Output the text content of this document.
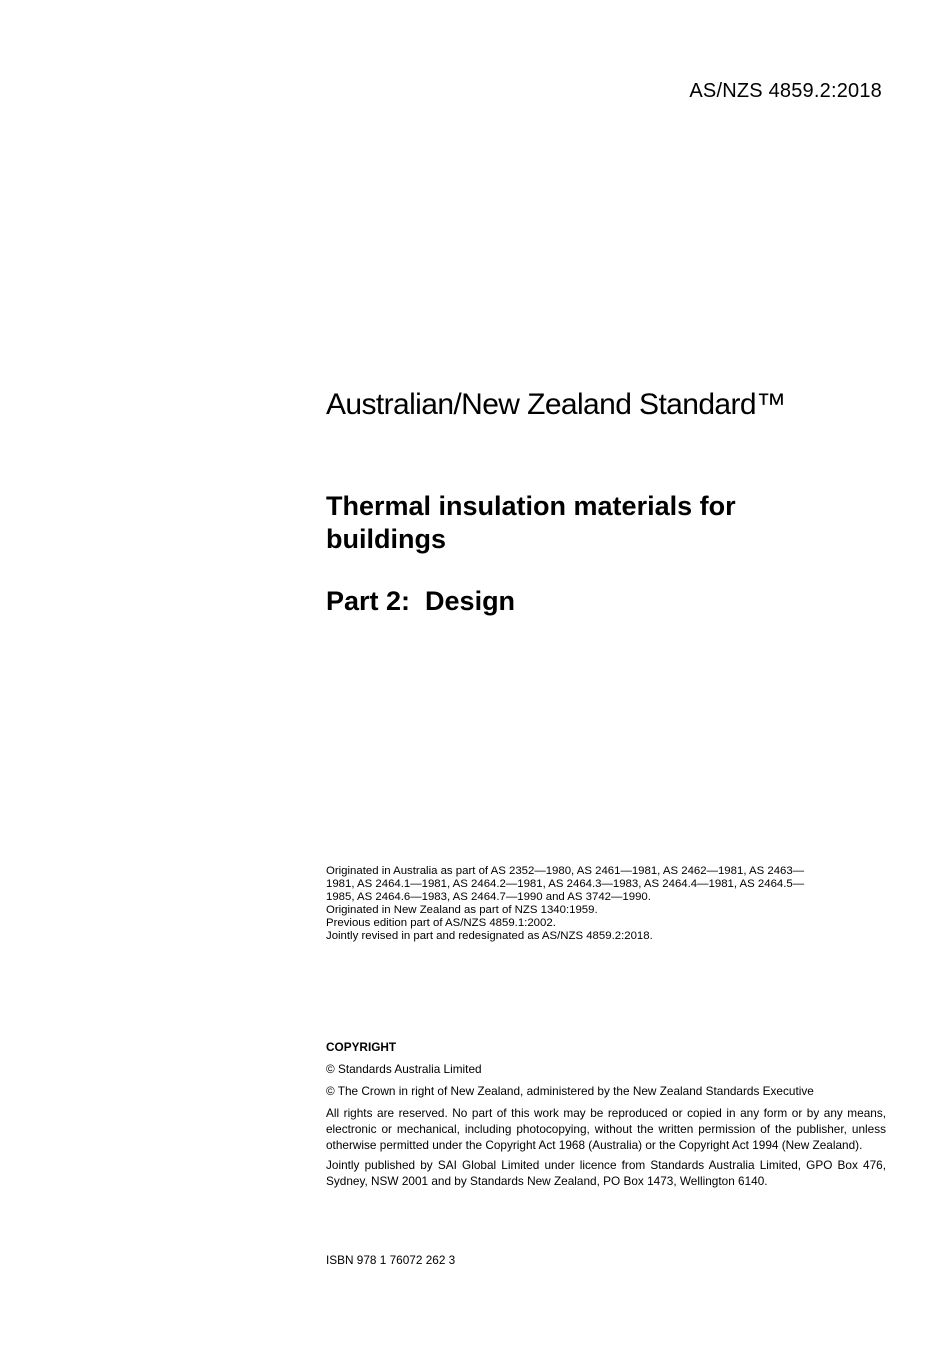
AS/NZS 4859.2:2018
Australian/New Zealand Standard™
Thermal insulation materials for buildings
Part 2:  Design
Originated in Australia as part of AS 2352—1980, AS 2461—1981, AS 2462—1981, AS 2463—
1981, AS 2464.1—1981, AS 2464.2—1981, AS 2464.3—1983, AS 2464.4—1981, AS 2464.5—
1985, AS 2464.6—1983, AS 2464.7—1990 and AS 3742—1990.
Originated in New Zealand as part of NZS 1340:1959.
Previous edition part of AS/NZS 4859.1:2002.
Jointly revised in part and redesignated as AS/NZS 4859.2:2018.
COPYRIGHT
© Standards Australia Limited
© The Crown in right of New Zealand, administered by the New Zealand Standards Executive
All rights are reserved. No part of this work may be reproduced or copied in any form or by any means, electronic or mechanical, including photocopying, without the written permission of the publisher, unless otherwise permitted under the Copyright Act 1968 (Australia) or the Copyright Act 1994 (New Zealand).
Jointly published by SAI Global Limited under licence from Standards Australia Limited, GPO Box 476, Sydney, NSW 2001 and by Standards New Zealand, PO Box 1473, Wellington 6140.
ISBN 978 1 76072 262 3
